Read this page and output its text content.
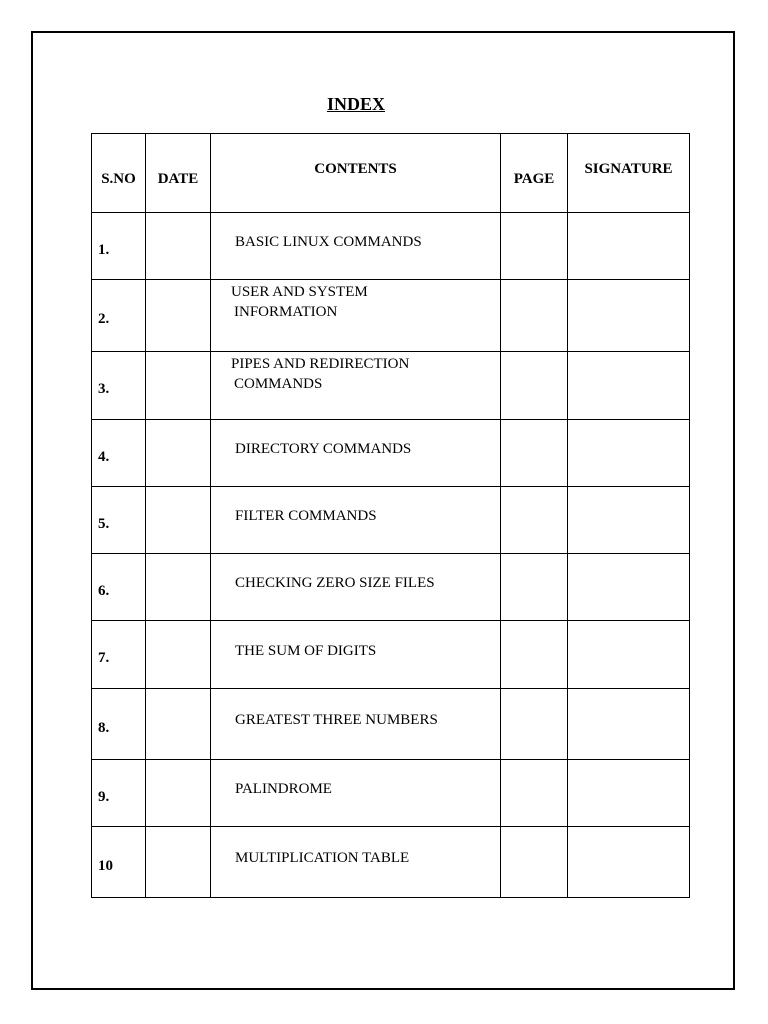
INDEX
S.NO	DATE	CONTENTS	PAGE	SIGNATURE
1.		BASIC LINUX COMMANDS		
2.		USER AND SYSTEM
INFORMATION		

3.		PIPES AND REDIRECTION
COMMANDS		

4.		DIRECTORY COMMANDS		
5.		FILTER COMMANDS		
6.		CHECKING ZERO SIZE FILES		
7.		THE SUM OF DIGITS		
8.		GREATEST THREE NUMBERS		
9.		PALINDROME		
10		MULTIPLICATION TABLE		
